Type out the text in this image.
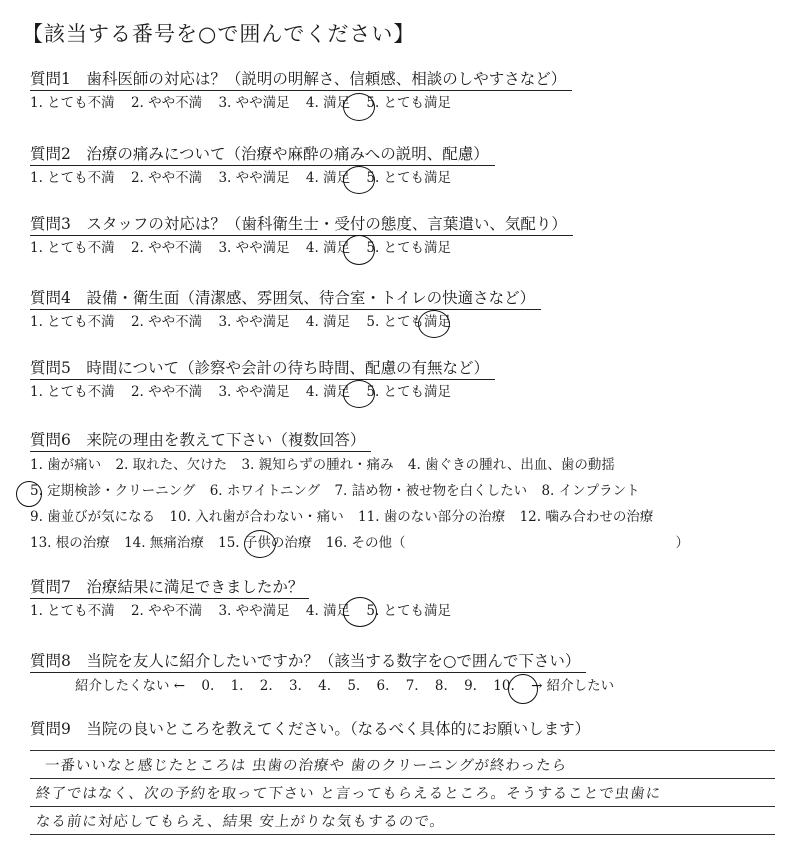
【該当する番号を○で囲んでください】
質問1　歯科医師の対応は？（説明の明解さ、信頼感、相談のしやすさなど）
1. とても不満 2. やや不満 3. やや満足 4. 満足 5. とても満足
質問2　治療の痛みについて（治療や麻酔の痛みへの説明、配慮）
1. とても不満 2. やや不満 3. やや満足 4. 満足 5. とても満足
質問3　スタッフの対応は？（歯科衛生士・受付の態度、言葉遣い、気配り）
1. とても不満 2. やや不満 3. やや満足 4. 満足 5. とても満足
質問4　設備・衛生面（清潔感、雰囲気、待合室・トイレの快適さなど）
1. とても不満 2. やや不満 3. やや満足 4. 満足 5. とても満足
質問5　時間について（診察や会計の待ち時間、配慮の有無など）
1. とても不満 2. やや不満 3. やや満足 4. 満足 5. とても満足
質問6　来院の理由を教えて下さい（複数回答）
1. 歯が痛い 2. 取れた、欠けた 3. 親知らずの腫れ・痛み 4. 歯ぐきの腫れ、出血、歯の動揺
5. 定期検診・クリーニング 6. ホワイトニング 7. 詰め物・被せ物を白くしたい 8. インプラント
9. 歯並びが気になる 10. 入れ歯が合わない・痛い 11. 歯のない部分の治療 12. 噛み合わせの治療
13. 根の治療 14. 無痛治療 15. 子供の治療 16. その他（	）
質問7　治療結果に満足できましたか？
1. とても不満 2. やや不満 3. やや満足 4. 満足 5. とても満足
質問8　当院を友人に紹介したいですか？（該当する数字を○で囲んで下さい）
紹介したくない ← 0. 1. 2. 3. 4. 5. 6. 7. 8. 9. 10. → 紹介したい
質問9　当院の良いところを教えてください。（なるべく具体的にお願いします）
一番いいなと感じたところは 虫歯の治療や 歯のクリーニングが終わったら
終了ではなく、次の予約を取って下さい と言ってもらえるところ。そうすることで虫歯に
なる前に対応してもらえ、結果 安上がりな気もするので。
